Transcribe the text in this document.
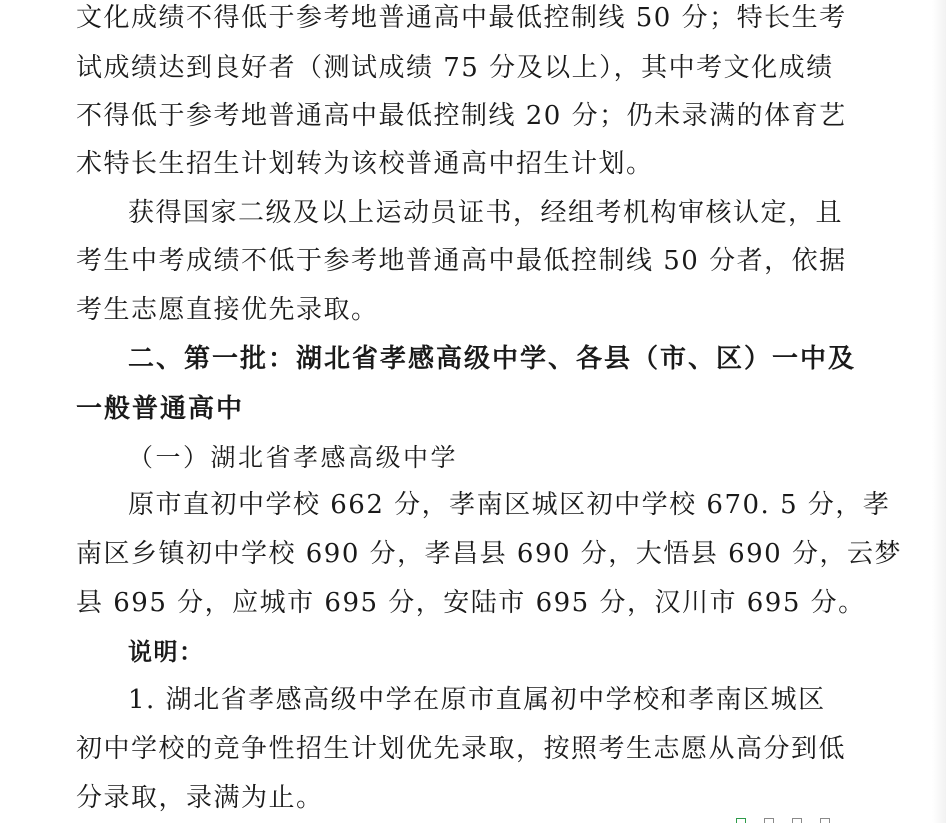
文化成绩不得低于参考地普通高中最低控制线 50 分；特长生考
试成绩达到良好者（测试成绩 75 分及以上），其中考文化成绩
不得低于参考地普通高中最低控制线 20 分；仍未录满的体育艺
术特长生招生计划转为该校普通高中招生计划。
获得国家二级及以上运动员证书，经组考机构审核认定，且
考生中考成绩不低于参考地普通高中最低控制线 50 分者，依据
考生志愿直接优先录取。
二、第一批：湖北省孝感高级中学、各县（市、区）一中及
一般普通高中
（一）湖北省孝感高级中学
原市直初中学校 662 分，孝南区城区初中学校 670. 5 分，孝
南区乡镇初中学校 690 分，孝昌县 690 分，大悟县 690 分，云梦
县 695 分，应城市 695 分，安陆市 695 分，汉川市 695 分。
说明：
1. 湖北省孝感高级中学在原市直属初中学校和孝南区城区
初中学校的竞争性招生计划优先录取，按照考生志愿从高分到低
分录取，录满为止。
